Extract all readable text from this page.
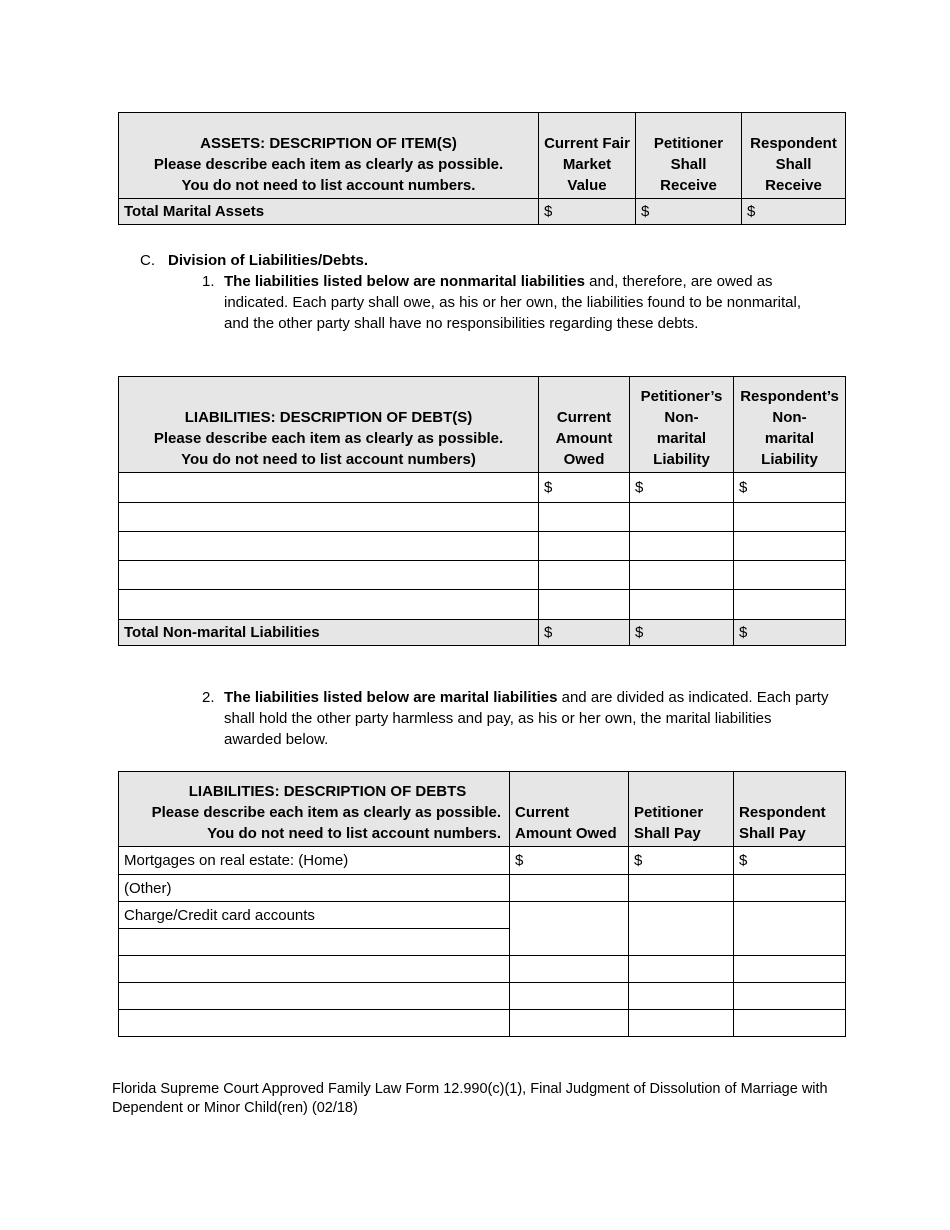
ASSETS: DESCRIPTION OF ITEM(S)
Please describe each item as clearly as possible.
You do not need to list account numbers.	Current Fair
Market
Value	Petitioner
Shall Receive	Respondent
Shall Receive

Total Marital Assets	$	$	$
C. Division of Liabilities/Debts.
1. The liabilities listed below are nonmarital liabilities and, therefore, are owed as
indicated. Each party shall owe, as his or her own, the liabilities found to be nonmarital,
and the other party shall have no responsibilities regarding these debts.
LIABILITIES: DESCRIPTION OF DEBT(S)
Please describe each item as clearly as possible.
You do not need to list account numbers)	Current
Amount
Owed	Petitioner’s
Non-
marital
Liability	Respondent’s
Non-
marital
Liability

	$	$	$

Total Non-marital Liabilities	$	$	$
2. The liabilities listed below are marital liabilities and are divided as indicated. Each party
shall hold the other party harmless and pay, as his or her own, the marital liabilities
awarded below.
LIABILITIES: DESCRIPTION OF DEBTS
Please describe each item as clearly as possible.
You do not need to list account numbers.	Current
Amount Owed	Petitioner
Shall Pay	Respondent
Shall Pay

Mortgages on real estate: (Home)	$	$	$
(Other)			
Charge/Credit card accounts			

Florida Supreme Court Approved Family Law Form 12.990(c)(1), Final Judgment of Dissolution of Marriage with
Dependent or Minor Child(ren) (02/18)
